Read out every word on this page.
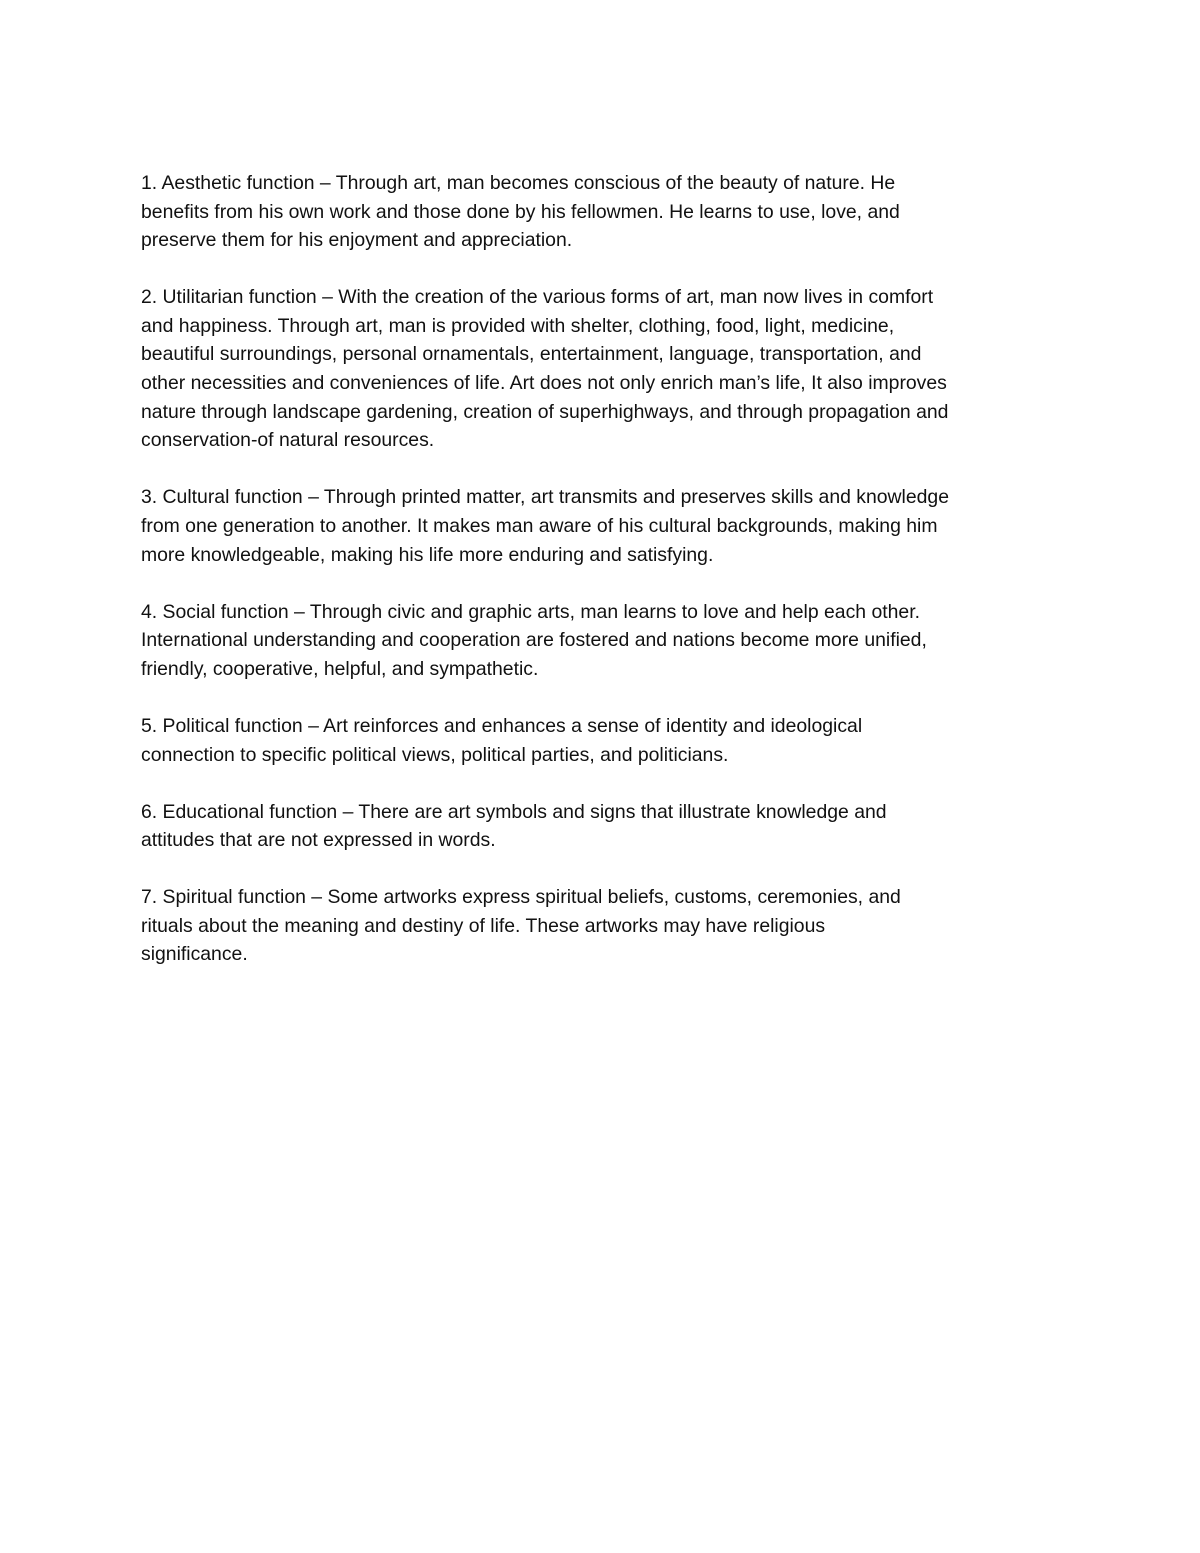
1. Aesthetic function – Through art, man becomes conscious of the beauty of nature. He
benefits from his own work and those done by his fellowmen. He learns to use, love, and
preserve them for his enjoyment and appreciation.

2. Utilitarian function – With the creation of the various forms of art, man now lives in comfort
and happiness. Through art, man is provided with shelter, clothing, food, light, medicine,
beautiful surroundings, personal ornamentals, entertainment, language, transportation, and
other necessities and conveniences of life. Art does not only enrich man’s life, It also improves
nature through landscape gardening, creation of superhighways, and through propagation and
conservation-of natural resources.

3. Cultural function – Through printed matter, art transmits and preserves skills and knowledge
from one generation to another. It makes man aware of his cultural backgrounds, making him
more knowledgeable, making his life more enduring and satisfying.

4. Social function – Through civic and graphic arts, man learns to love and help each other.
International understanding and cooperation are fostered and nations become more unified,
friendly, cooperative, helpful, and sympathetic.

5. Political function – Art reinforces and enhances a sense of identity and ideological
connection to specific political views, political parties, and politicians.

6. Educational function – There are art symbols and signs that illustrate knowledge and
attitudes that are not expressed in words.

7. Spiritual function – Some artworks express spiritual beliefs, customs, ceremonies, and
rituals about the meaning and destiny of life. These artworks may have religious
significance.
